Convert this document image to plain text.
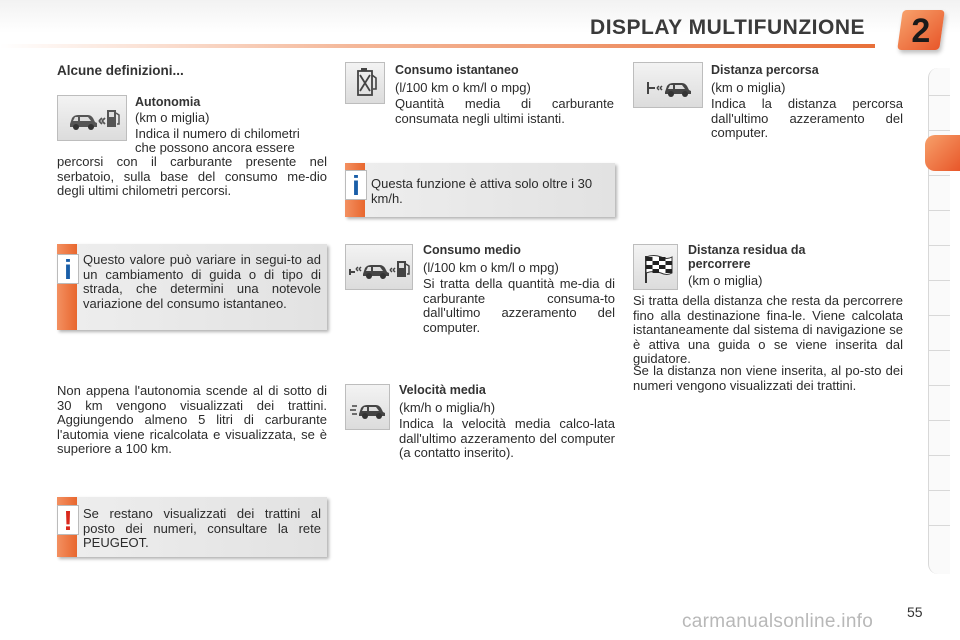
DISPLAY MULTIFUNZIONE	2
Alcune definizioni...
Autonomia
(km o miglia)
Indica il numero di chilometri
che possono ancora essere
percorsi con il carburante presente nel serbatoio, sulla base del consumo me-dio degli ultimi chilometri percorsi.
i Questo valore può variare in segui-to ad un cambiamento di guida o di tipo di strada, che determini una notevole variazione del consumo istantaneo.
Non appena l'autonomia scende al di sotto di 30 km vengono visualizzati dei trattini. Aggiungendo almeno 5 litri di carburante l'automia viene ricalcolata e visualizzata, se è superiore a 100 km.
! Se restano visualizzati dei trattini al posto dei numeri, consultare la rete PEUGEOT.
Consumo istantaneo
(l/100 km o km/l o mpg)
Quantità media di carburante consumata negli ultimi istanti.
i Questa funzione è attiva solo oltre i 30 km/h.
Consumo medio
(l/100 km o km/l o mpg)
Si tratta della quantità me-dia di carburante consuma-to dall'ultimo azzeramento del computer.
Velocità media
(km/h o miglia/h)
Indica la velocità media calco-lata dall'ultimo azzeramento del computer (a contatto inserito).
Distanza percorsa
(km o miglia)
Indica la distanza percorsa dall'ultimo azzeramento del computer.
Distanza residua da
percorrere
(km o miglia)
Si tratta della distanza che resta da percorrere fino alla destinazione fina-le. Viene calcolata istantaneamente dal sistema di navigazione se è attiva una guida o se viene inserita dal guidatore.
Se la distanza non viene inserita, al po-sto dei numeri vengono visualizzati dei trattini.
55
carmanualsonline.info
